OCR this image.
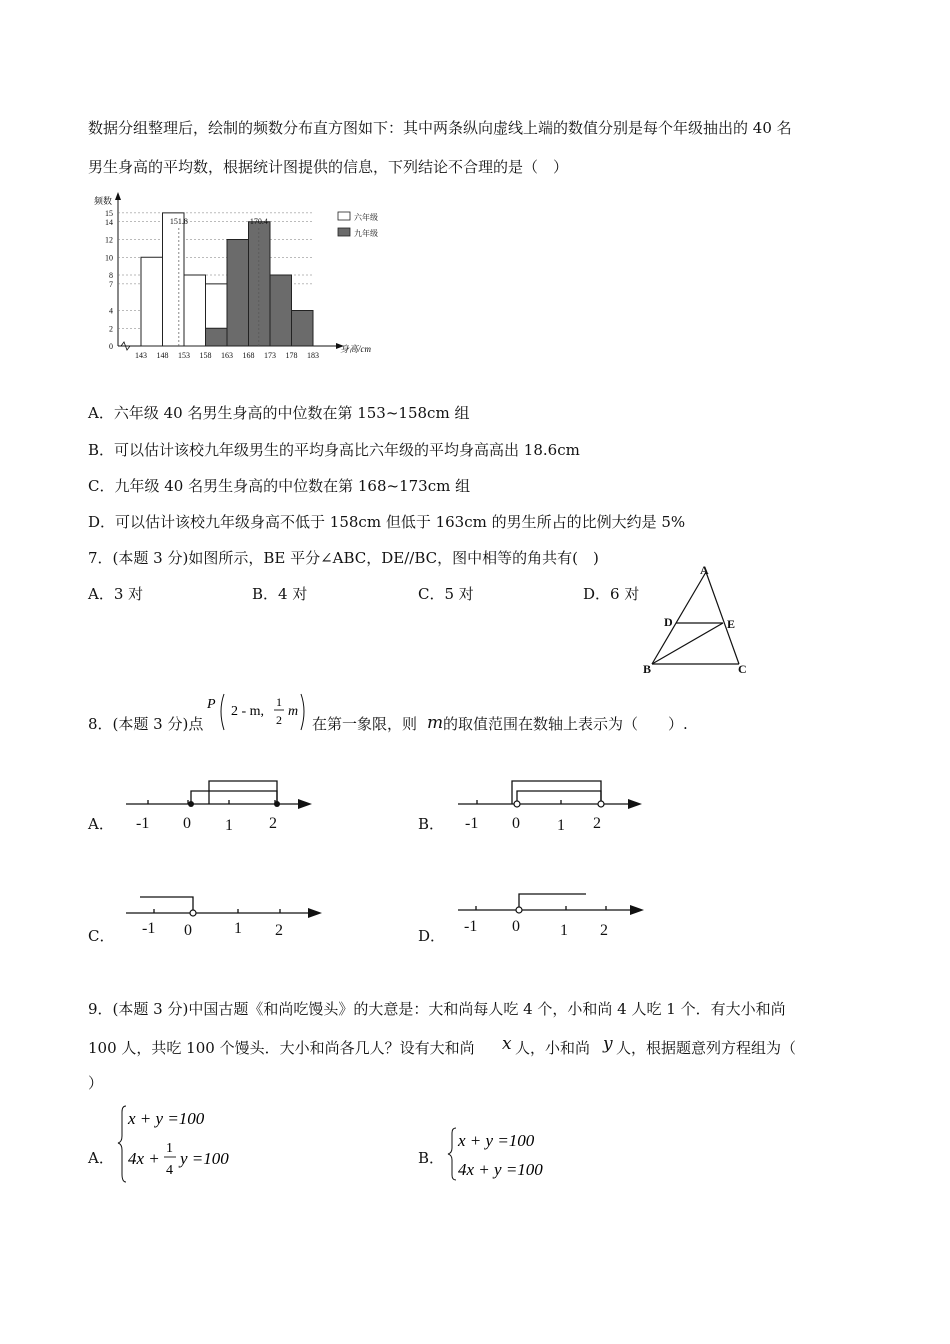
数据分组整理后，绘制的频数分布直方图如下：其中两条纵向虚线上端的数值分别是每个年级抽出的 40 名
男生身高的平均数，根据统计图提供的信息，下列结论不合理的是（　）
频数
身高/cm
0
2
4
7
8
10
12
14
15
143 148 153 158 163 168 173 178 183
151.8	170.4	六年级
九年级
A．六年级 40 名男生身高的中位数在第 153~158cm 组
B．可以估计该校九年级男生的平均身高比六年级的平均身高高出 18.6cm
C．九年级 40 名男生身高的中位数在第 168~173cm 组
D．可以估计该校九年级身高不低于 158cm 但低于 163cm 的男生所占的比例大约是 5%
7．(本题 3 分)如图所示，BE 平分∠ABC，DE//BC，图中相等的角共有(　)
A．3 对	B．4 对	C．5 对	D．6 对
A
D	E
B	C
8．(本题 3 分)点
P 2 - m,
1
2
m
在第一象限，则 m 的取值范围在数轴上表示为（　　）.
A． -1 0 1 2	B． -1 0 1 2
C． -1 0	1 2	D．
-1 0	1 2
9．(本题 3 分)中国古题《和尚吃馒头》的大意是：大和尚每人吃 4 个，小和尚 4 人吃 1 个．有大小和尚
100 人，共吃 100 个馒头．大小和尚各几人？设有大和尚 x 人，小和尚 y 人，根据题意列方程组为（
）
A．
x + y =100
4x +
1
4
y =100	B．
x + y =100
4x + y =100
